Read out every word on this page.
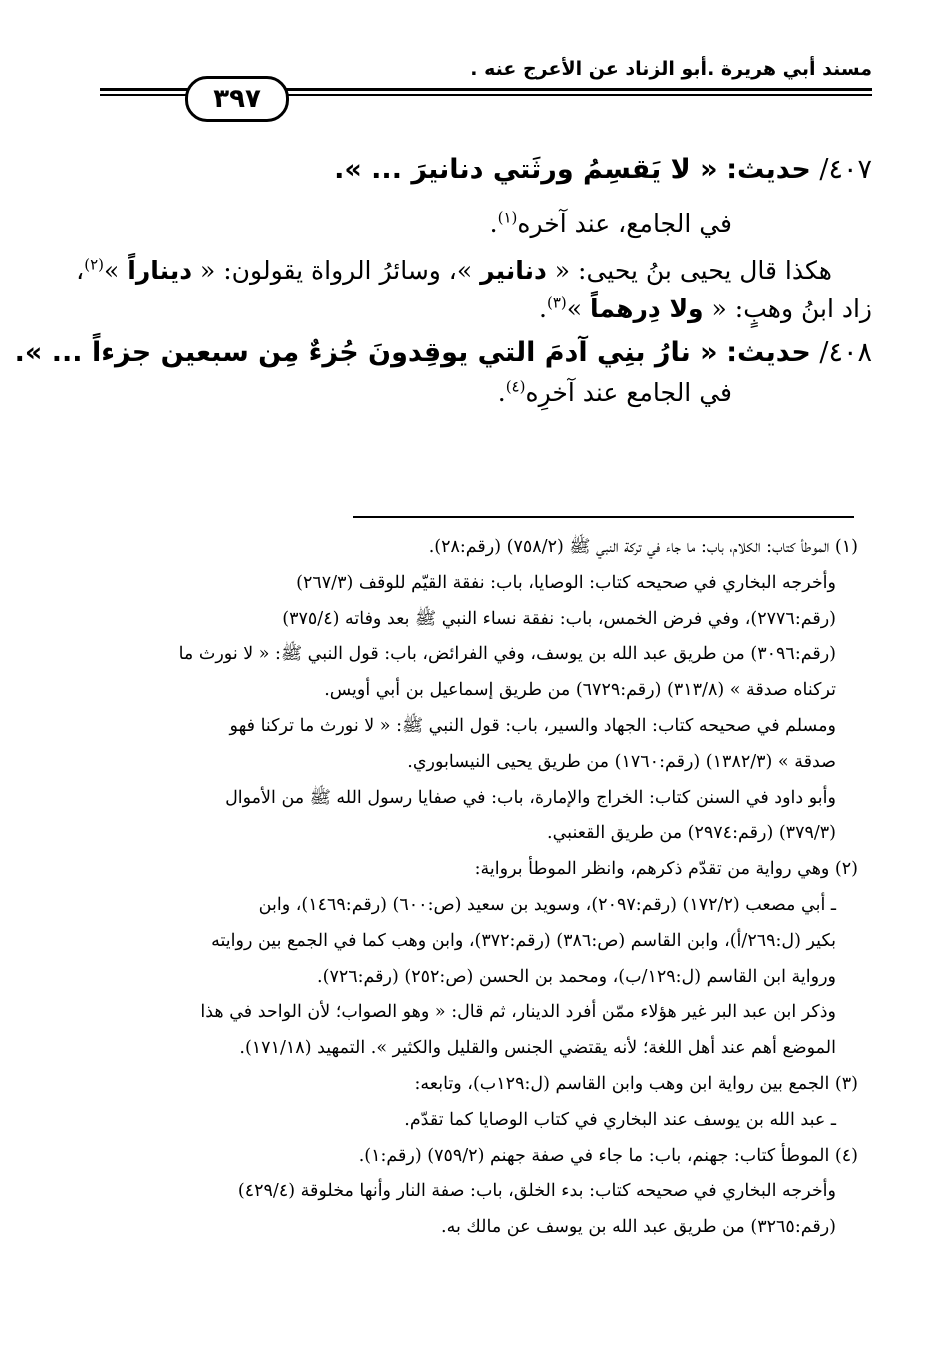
مسند أبي هريرة .أبو الزناد عن الأعرج عنه .
٣٩٧
٤٠٧/ حديث: « لا يَقسِمُ ورثَتي دنانيرَ ... ».
في الجامع، عند آخره$^{(١)}$.
هكذا قال يحيى بنُ يحيى: « دنانير »، وسائرُ الرواة يقولون: « ديناراً »$^{(٢)}$،
زاد ابنُ وهبٍ: « ولا دِرهماً »$^{(٣)}$.
٤٠٨/ حديث: « نارُ بنِي آدمَ التي يوقِدونَ جُزءٌ مِن سبعين جزءاً ... ».
في الجامع عند آخرِه$^{(٤)}$.
(١) الموطأ كتاب: الكلام، باب: ما جاء في تركة النبي ﷺ (٧٥٨/٢) (رقم:٢٨).
وأخرجه البخاري في صحيحه كتاب: الوصايا، باب: نفقة القيّم للوقف (٢٦٧/٣)
(رقم:٢٧٧٦)، وفي فرض الخمس، باب: نفقة نساء النبي ﷺ بعد وفاته (٣٧٥/٤)
(رقم:٣٠٩٦) من طريق عبد الله بن يوسف، وفي الفرائض، باب: قول النبي ﷺ: « لا نورث ما
تركناه صدقة » (٣١٣/٨) (رقم:٦٧٢٩) من طريق إسماعيل بن أبي أويس.
ومسلم في صحيحه كتاب: الجهاد والسير، باب: قول النبي ﷺ: « لا نورث ما تركنا فهو
صدقة » (١٣٨٢/٣) (رقم:١٧٦٠) من طريق يحيى النيسابوري.
وأبو داود في السنن كتاب: الخراج والإمارة، باب: في صفايا رسول الله ﷺ من الأموال
(٣٧٩/٣) (رقم:٢٩٧٤) من طريق القعنبي.
(٢) وهي رواية من تقدّم ذكرهم، وانظر الموطأ برواية:
ـ أبي مصعب (١٧٢/٢) (رقم:٢٠٩٧)، وسويد بن سعيد (ص:٦٠٠) (رقم:١٤٦٩)، وابن
بكير (ل:٢٦٩/أ)، وابن القاسم (ص:٣٨٦) (رقم:٣٧٢)، وابن وهب كما في الجمع بين روايته
ورواية ابن القاسم (ل:١٢٩/ب)، ومحمد بن الحسن (ص:٢٥٢) (رقم:٧٢٦).
وذكر ابن عبد البر غير هؤلاء ممّن أفرد الدينار، ثم قال: « وهو الصواب؛ لأن الواحد في هذا
الموضع أهم عند أهل اللغة؛ لأنه يقتضي الجنس والقليل والكثير ». التمهيد (١٧١/١٨).
(٣) الجمع بين رواية ابن وهب وابن القاسم (ل:١٢٩ب)، وتابعه:
ـ عبد الله بن يوسف عند البخاري في كتاب الوصايا كما تقدّم.
(٤) الموطأ كتاب: جهنم، باب: ما جاء في صفة جهنم (٧٥٩/٢) (رقم:١).
وأخرجه البخاري في صحيحه كتاب: بدء الخلق، باب: صفة النار وأنها مخلوقة (٤٢٩/٤)
(رقم:٣٢٦٥) من طريق عبد الله بن يوسف عن مالك به.
